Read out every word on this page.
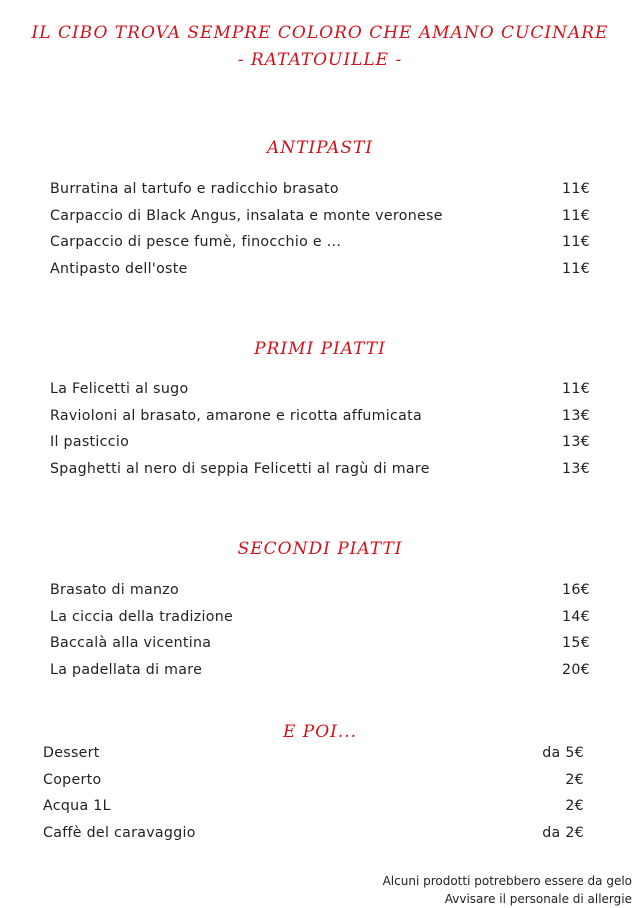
IL CIBO TROVA SEMPRE COLORO CHE AMANO CUCINARE
- RATATOUILLE -
ANTIPASTI
Burratina al tartufo e radicchio brasato	11€
Carpaccio di Black Angus, insalata e monte veronese	11€
Carpaccio di pesce fumè, finocchio e ...	11€
Antipasto dell'oste	11€
PRIMI PIATTI
La Felicetti al sugo	11€
Ravioloni al brasato, amarone e ricotta affumicata	13€
Il pasticcio	13€
Spaghetti al nero di seppia Felicetti al ragù di mare	13€
SECONDI PIATTI
Brasato di manzo	16€
La ciccia della tradizione	14€
Baccalà alla vicentina	15€
La padellata di mare	20€
E POI...
Dessert	da 5€
Coperto	2€
Acqua 1L	2€
Caffè del caravaggio	da 2€
Alcuni prodotti potrebbero essere da gelo
Avvisare il personale di allergie
